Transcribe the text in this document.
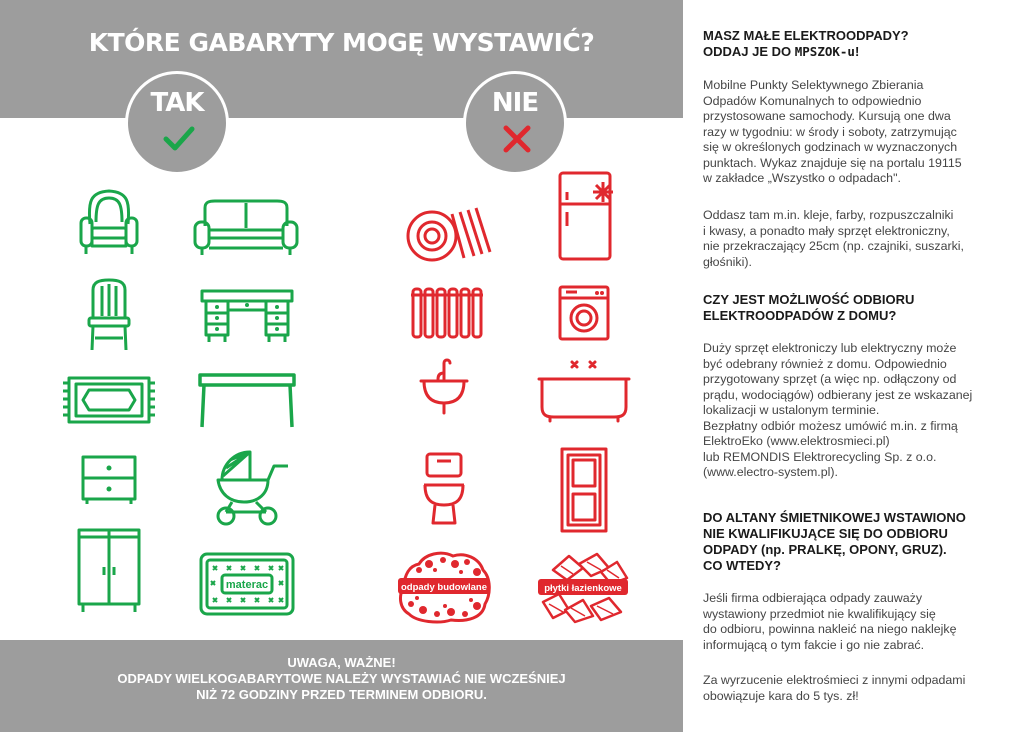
KTÓRE GABARYTY MOGĘ WYSTAWIĆ?
TAK	NIE
materac	odpady budowlane	płytki łazienkowe
UWAGA, WAŻNE!
ODPADY WIELKOGABARYTOWE NALEŻY WYSTAWIAĆ NIE WCZEŚNIEJ
NIŻ 72 GODZINY PRZED TERMINEM ODBIORU.
MASZ MAŁE ELEKTROODPADY?
ODDAJ JE DO MPSZOK-u!
Mobilne Punkty Selektywnego Zbierania
Odpadów Komunalnych to odpowiednio
przystosowane samochody. Kursują one dwa
razy w tygodniu: w środy i soboty, zatrzymując
się w określonych godzinach w wyznaczonych
punktach. Wykaz znajduje się na portalu 19115
w zakładce „Wszystko o odpadach".
Oddasz tam m.in. kleje, farby, rozpuszczalniki
i kwasy, a ponadto mały sprzęt elektroniczny,
nie przekraczający 25cm (np. czajniki, suszarki,
głośniki).
CZY JEST MOŻLIWOŚĆ ODBIORU
ELEKTROODPADÓW Z DOMU?
Duży sprzęt elektroniczy lub elektryczny może
być odebrany również z domu. Odpowiednio
przygotowany sprzęt (a więc np. odłączony od
prądu, wodociągów) odbierany jest ze wskazanej
lokalizacji w ustalonym terminie.
Bezpłatny odbiór możesz umówić m.in. z firmą
ElektroEko (www.elektrosmieci.pl)
lub REMONDIS Elektrorecycling Sp. z o.o.
(www.electro-system.pl).
DO ALTANY ŚMIETNIKOWEJ WSTAWIONO
NIE KWALIFIKUJĄCE SIĘ DO ODBIORU
ODPADY (np. PRALKĘ, OPONY, GRUZ).
CO WTEDY?
Jeśli firma odbierająca odpady zauważy
wystawiony przedmiot nie kwalifikujący się
do odbioru, powinna nakleić na niego naklejkę
informującą o tym fakcie i go nie zabrać.
Za wyrzucenie elektrośmieci z innymi odpadami
obowiązuje kara do 5 tys. zł!
